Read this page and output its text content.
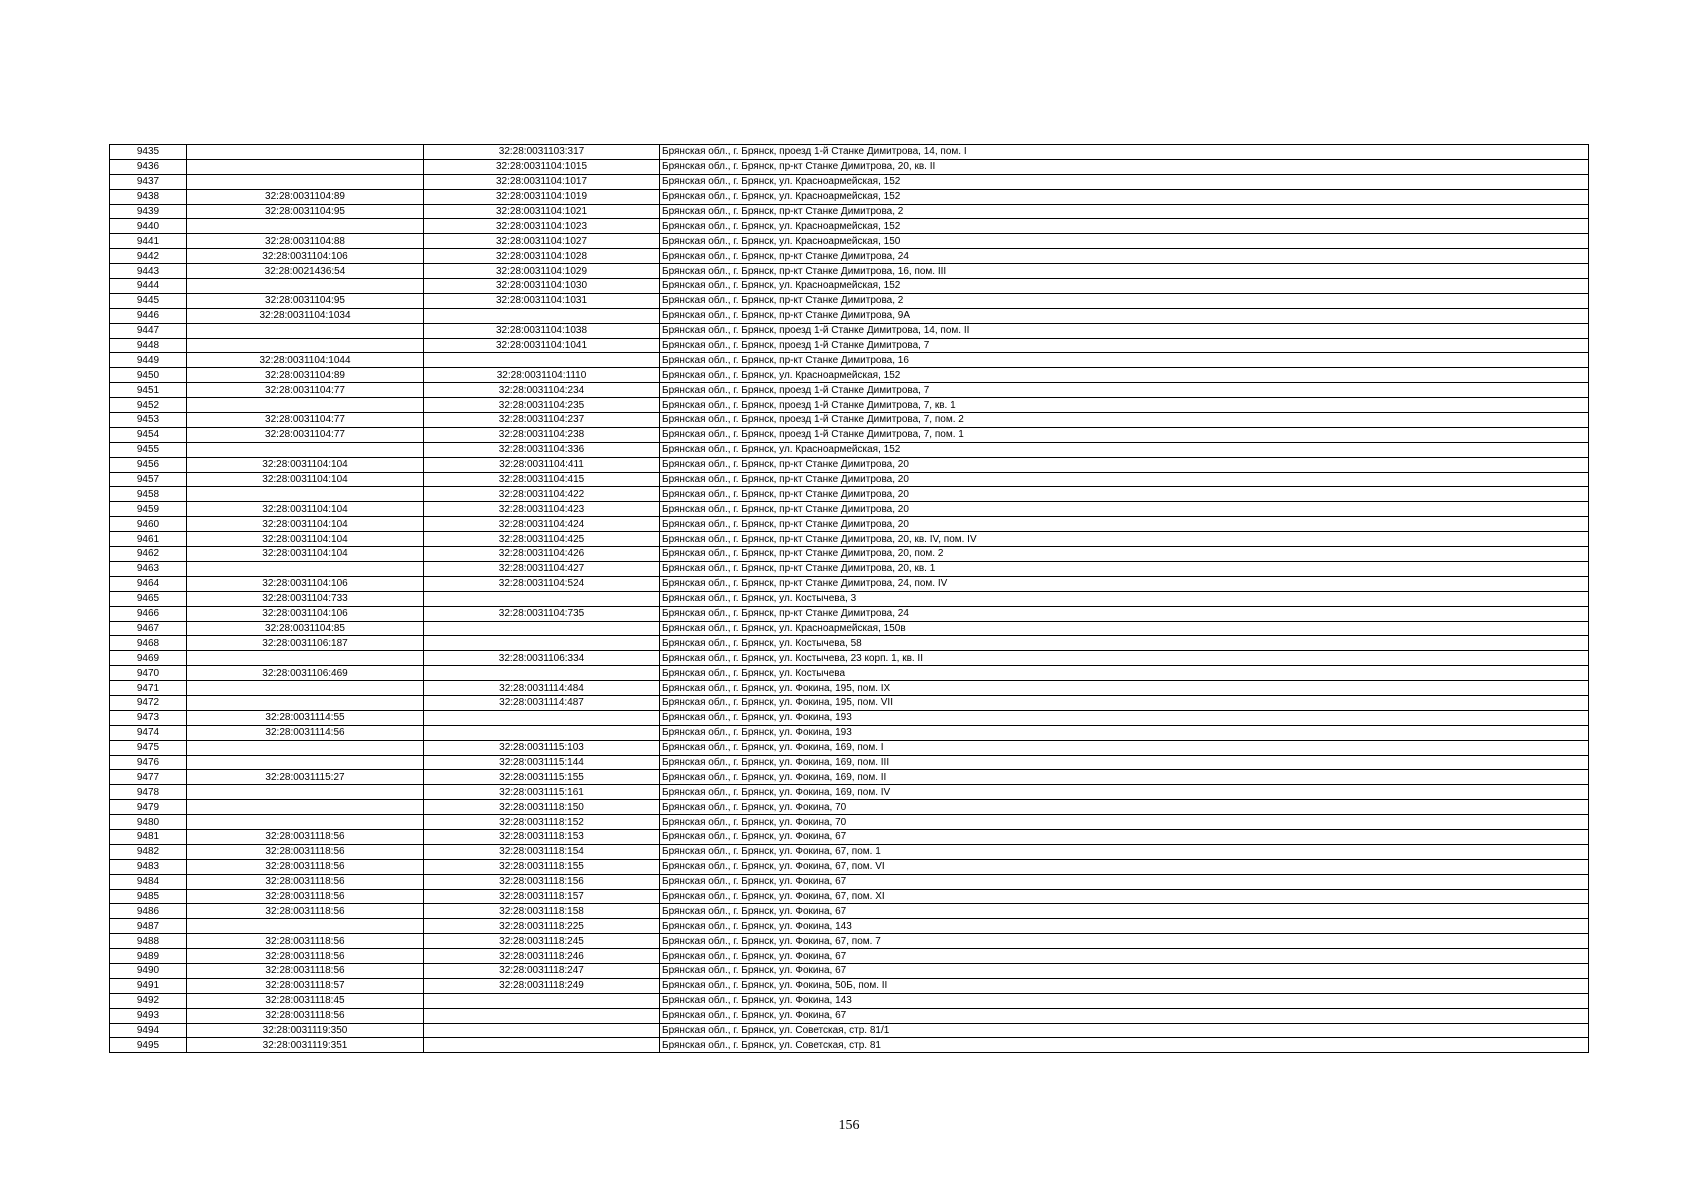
9435		32:28:0031103:317	Брянская обл., г. Брянск, проезд 1-й Станке Димитрова, 14, пом. I
9436		32:28:0031104:1015	Брянская обл., г. Брянск, пр-кт Станке Димитрова, 20, кв. II
9437		32:28:0031104:1017	Брянская обл., г. Брянск, ул. Красноармейская, 152
9438	32:28:0031104:89	32:28:0031104:1019	Брянская обл., г. Брянск, ул. Красноармейская, 152
9439	32:28:0031104:95	32:28:0031104:1021	Брянская обл., г. Брянск, пр-кт Станке Димитрова, 2
9440		32:28:0031104:1023	Брянская обл., г. Брянск, ул. Красноармейская, 152
9441	32:28:0031104:88	32:28:0031104:1027	Брянская обл., г. Брянск, ул. Красноармейская, 150
9442	32:28:0031104:106	32:28:0031104:1028	Брянская обл., г. Брянск, пр-кт Станке Димитрова, 24
9443	32:28:0021436:54	32:28:0031104:1029	Брянская обл., г. Брянск, пр-кт Станке Димитрова, 16, пом. III
9444		32:28:0031104:1030	Брянская обл., г. Брянск, ул. Красноармейская, 152
9445	32:28:0031104:95	32:28:0031104:1031	Брянская обл., г. Брянск, пр-кт Станке Димитрова, 2
9446	32:28:0031104:1034		Брянская обл., г. Брянск, пр-кт Станке Димитрова, 9А
9447		32:28:0031104:1038	Брянская обл., г. Брянск, проезд 1-й Станке Димитрова, 14, пом. II
9448		32:28:0031104:1041	Брянская обл., г. Брянск, проезд 1-й Станке Димитрова, 7
9449	32:28:0031104:1044		Брянская обл., г. Брянск, пр-кт Станке Димитрова, 16
9450	32:28:0031104:89	32:28:0031104:1110	Брянская обл., г. Брянск, ул. Красноармейская, 152
9451	32:28:0031104:77	32:28:0031104:234	Брянская обл., г. Брянск, проезд 1-й Станке Димитрова, 7
9452		32:28:0031104:235	Брянская обл., г. Брянск, проезд 1-й Станке Димитрова, 7, кв. 1
9453	32:28:0031104:77	32:28:0031104:237	Брянская обл., г. Брянск, проезд 1-й Станке Димитрова, 7, пом. 2
9454	32:28:0031104:77	32:28:0031104:238	Брянская обл., г. Брянск, проезд 1-й Станке Димитрова, 7, пом. 1
9455		32:28:0031104:336	Брянская обл., г. Брянск, ул. Красноармейская, 152
9456	32:28:0031104:104	32:28:0031104:411	Брянская обл., г. Брянск, пр-кт Станке Димитрова, 20
9457	32:28:0031104:104	32:28:0031104:415	Брянская обл., г. Брянск, пр-кт Станке Димитрова, 20
9458		32:28:0031104:422	Брянская обл., г. Брянск, пр-кт Станке Димитрова, 20
9459	32:28:0031104:104	32:28:0031104:423	Брянская обл., г. Брянск, пр-кт Станке Димитрова, 20
9460	32:28:0031104:104	32:28:0031104:424	Брянская обл., г. Брянск, пр-кт Станке Димитрова, 20
9461	32:28:0031104:104	32:28:0031104:425	Брянская обл., г. Брянск, пр-кт Станке Димитрова, 20, кв. IV, пом. IV
9462	32:28:0031104:104	32:28:0031104:426	Брянская обл., г. Брянск, пр-кт Станке Димитрова, 20, пом. 2
9463		32:28:0031104:427	Брянская обл., г. Брянск, пр-кт Станке Димитрова, 20, кв. 1
9464	32:28:0031104:106	32:28:0031104:524	Брянская обл., г. Брянск, пр-кт Станке Димитрова, 24, пом. IV
9465	32:28:0031104:733		Брянская обл., г. Брянск, ул. Костычева, 3
9466	32:28:0031104:106	32:28:0031104:735	Брянская обл., г. Брянск, пр-кт Станке Димитрова, 24
9467	32:28:0031104:85		Брянская обл., г. Брянск, ул. Красноармейская, 150в
9468	32:28:0031106:187		Брянская обл., г. Брянск, ул. Костычева, 58
9469		32:28:0031106:334	Брянская обл., г. Брянск, ул. Костычева, 23 корп. 1, кв. II
9470	32:28:0031106:469		Брянская обл., г. Брянск, ул. Костычева
9471		32:28:0031114:484	Брянская обл., г. Брянск, ул. Фокина, 195, пом. IX
9472		32:28:0031114:487	Брянская обл., г. Брянск, ул. Фокина, 195, пом. VII
9473	32:28:0031114:55		Брянская обл., г. Брянск, ул. Фокина, 193
9474	32:28:0031114:56		Брянская обл., г. Брянск, ул. Фокина, 193
9475		32:28:0031115:103	Брянская обл., г. Брянск, ул. Фокина, 169, пом. I
9476		32:28:0031115:144	Брянская обл., г. Брянск, ул. Фокина, 169, пом. III
9477	32:28:0031115:27	32:28:0031115:155	Брянская обл., г. Брянск, ул. Фокина, 169, пом. II
9478		32:28:0031115:161	Брянская обл., г. Брянск, ул. Фокина, 169, пом. IV
9479		32:28:0031118:150	Брянская обл., г. Брянск, ул. Фокина, 70
9480		32:28:0031118:152	Брянская обл., г. Брянск, ул. Фокина, 70
9481	32:28:0031118:56	32:28:0031118:153	Брянская обл., г. Брянск, ул. Фокина, 67
9482	32:28:0031118:56	32:28:0031118:154	Брянская обл., г. Брянск, ул. Фокина, 67, пом. 1
9483	32:28:0031118:56	32:28:0031118:155	Брянская обл., г. Брянск, ул. Фокина, 67, пом. VI
9484	32:28:0031118:56	32:28:0031118:156	Брянская обл., г. Брянск, ул. Фокина, 67
9485	32:28:0031118:56	32:28:0031118:157	Брянская обл., г. Брянск, ул. Фокина, 67, пом. XI
9486	32:28:0031118:56	32:28:0031118:158	Брянская обл., г. Брянск, ул. Фокина, 67
9487		32:28:0031118:225	Брянская обл., г. Брянск, ул. Фокина, 143
9488	32:28:0031118:56	32:28:0031118:245	Брянская обл., г. Брянск, ул. Фокина, 67, пом. 7
9489	32:28:0031118:56	32:28:0031118:246	Брянская обл., г. Брянск, ул. Фокина, 67
9490	32:28:0031118:56	32:28:0031118:247	Брянская обл., г. Брянск, ул. Фокина, 67
9491	32:28:0031118:57	32:28:0031118:249	Брянская обл., г. Брянск, ул. Фокина, 50Б, пом. II
9492	32:28:0031118:45		Брянская обл., г. Брянск, ул. Фокина, 143
9493	32:28:0031118:56		Брянская обл., г. Брянск, ул. Фокина, 67
9494	32:28:0031119:350		Брянская обл., г. Брянск, ул. Советская, стр. 81/1
9495	32:28:0031119:351		Брянская обл., г. Брянск, ул. Советская, стр. 81
156
